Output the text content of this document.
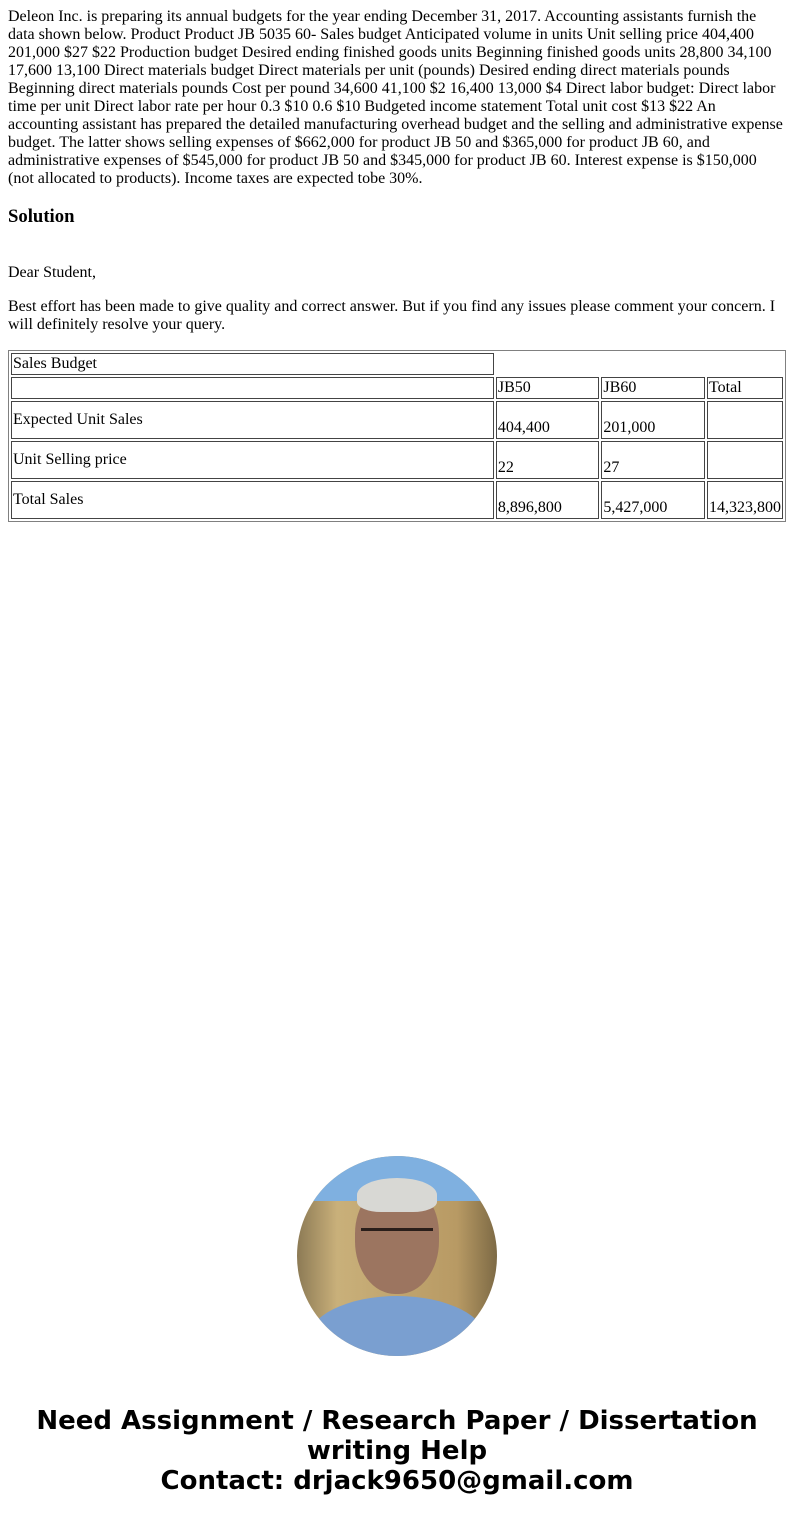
Deleon Inc. is preparing its annual budgets for the year ending December 31, 2017. Accounting assistants furnish the data shown below. Product Product JB 5035 60- Sales budget Anticipated volume in units Unit selling price 404,400 201,000 $27 $22 Production budget Desired ending finished goods units Beginning finished goods units 28,800 34,100 17,600 13,100 Direct materials budget Direct materials per unit (pounds) Desired ending direct materials pounds Beginning direct materials pounds Cost per pound 34,600 41,100 $2 16,400 13,000 $4 Direct labor budget: Direct labor time per unit Direct labor rate per hour 0.3 $10 0.6 $10 Budgeted income statement Total unit cost $13 $22 An accounting assistant has prepared the detailed manufacturing overhead budget and the selling and administrative expense budget. The latter shows selling expenses of $662,000 for product JB 50 and $365,000 for product JB 60, and administrative expenses of $545,000 for product JB 50 and $345,000 for product JB 60. Interest expense is $150,000 (not allocated to products). Income taxes are expected tobe 30%.

Solution

Dear Student,

Best effort has been made to give quality and correct answer. But if you find any issues please comment your concern. I will definitely resolve your query.

Sales Budget			
	JB50	JB60	Total
Expected Unit Sales	404,400	201,000	
Unit Selling price	22	27	
Total Sales	8,896,800	5,427,000	14,323,800
Need Assignment / Research Paper / Dissertation writing Help
Contact: drjack9650@gmail.com
